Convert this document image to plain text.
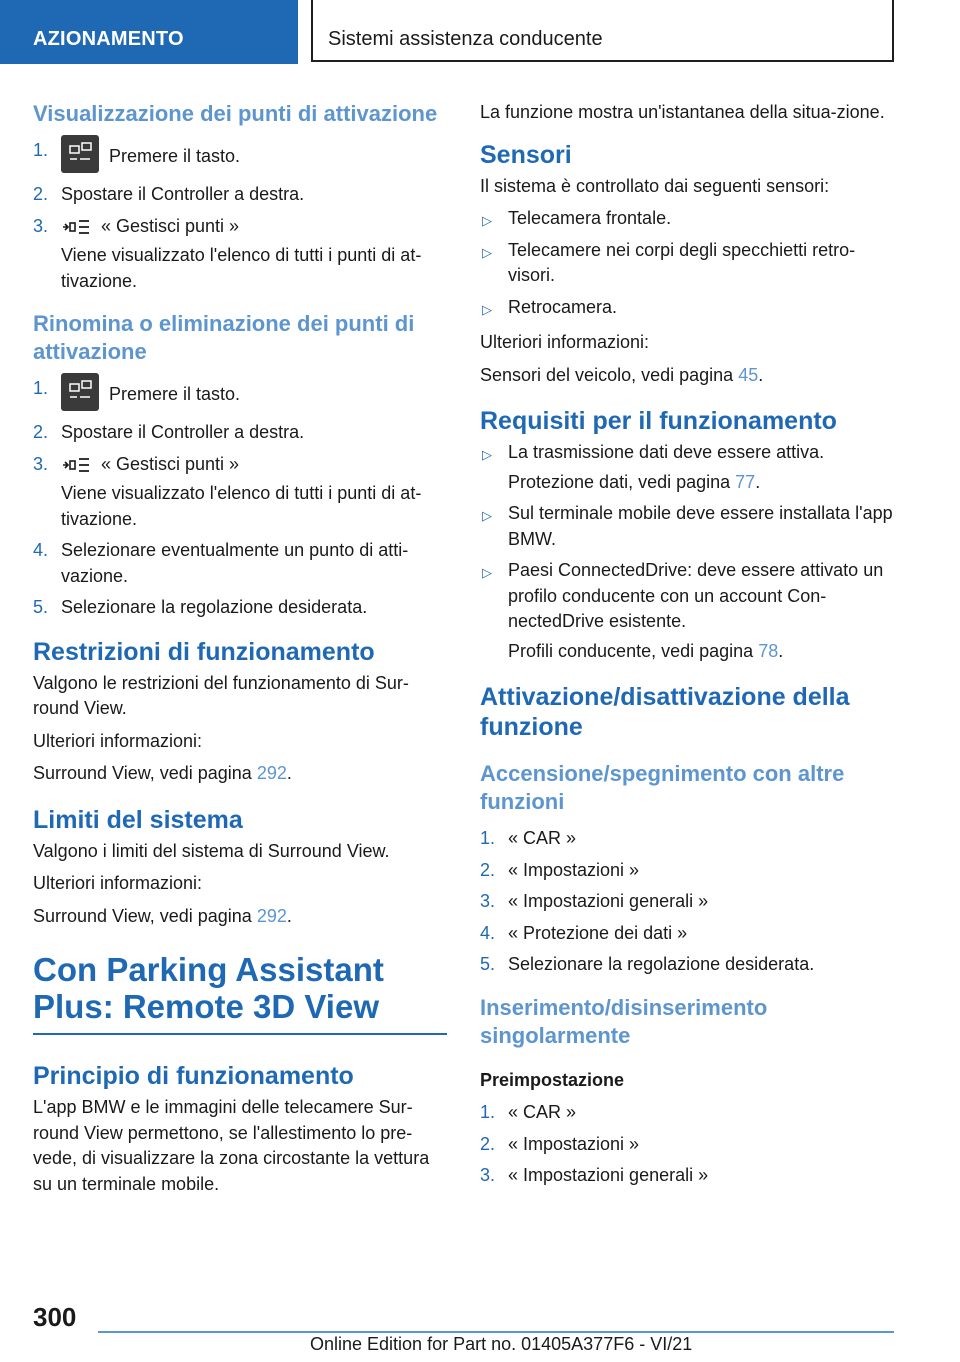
AZIONAMENTO	Sistemi assistenza conducente
Visualizzazione dei punti di attivazione
1.	Premere il tasto.
2. Spostare il Controller a destra.
3.	« Gestisci punti »
Viene visualizzato l'elenco di tutti i punti di at-tivazione.
Rinomina o eliminazione dei punti di attivazione
1.	Premere il tasto.
2. Spostare il Controller a destra.
3.	« Gestisci punti »
Viene visualizzato l'elenco di tutti i punti di at-tivazione.
4. Selezionare eventualmente un punto di atti-vazione.
5. Selezionare la regolazione desiderata.
Restrizioni di funzionamento

Valgono le restrizioni del funzionamento di Sur-round View.

Ulteriori informazioni:

Surround View, vedi pagina 292.

Limiti del sistema

Valgono i limiti del sistema di Surround View.

Ulteriori informazioni:

Surround View, vedi pagina 292.

Con Parking Assistant Plus: Remote 3D View
Principio di funzionamento

L'app BMW e le immagini delle telecamere Sur-round View permettono, se l'allestimento lo pre-vede, di visualizzare la zona circostante la vettura su un terminale mobile.

La funzione mostra un'istantanea della situa-zione.

Sensori

Il sistema è controllato dai seguenti sensori:

▷ Telecamera frontale.
▷ Telecamere nei corpi degli specchietti retro-visori.
▷ Retrocamera.

Ulteriori informazioni:

Sensori del veicolo, vedi pagina 45.

Requisiti per il funzionamento
▷ La trasmissione dati deve essere attiva.
Protezione dati, vedi pagina 77.
▷ Sul terminale mobile deve essere installata l'app BMW.
▷ Paesi ConnectedDrive: deve essere attivato un profilo conducente con un account Con-nectedDrive esistente.
Profili conducente, vedi pagina 78.
Attivazione/disattivazione della funzione
Accensione/spegnimento con altre funzioni
1. « CAR »
2. « Impostazioni »
3. « Impostazioni generali »
4. « Protezione dei dati »
5. Selezionare la regolazione desiderata.
Inserimento/disinserimento singolarmente

Preimpostazione

1. « CAR »
2. « Impostazioni »
3. « Impostazioni generali »
300
Online Edition for Part no. 01405A377F6 - VI/21
